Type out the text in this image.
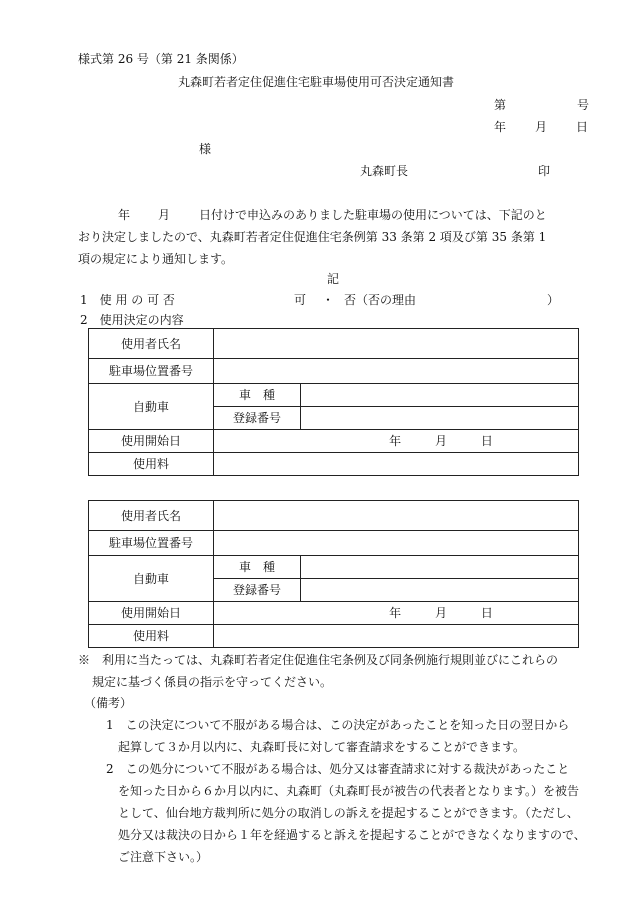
様式第 26 号（第 21 条関係）
丸森町若者定住促進住宅駐車場使用可否決定通知書
第	号
年 月 日
様
丸森町長	印
年 月 日付けで申込みのありました駐車場の使用については、下記のと
おり決定しましたので、丸森町若者定住促進住宅条例第 33 条第 2 項及び第 35 条第 1
項の規定により通知します。
記
1　使 用 の 可 否	可 ・ 否（否の理由	）
2　使用決定の内容
使用者氏名		
駐車場位置番号		
自動車	車　種	
	登録番号	
使用開始日	年 月 日	
使用料		
使用者氏名		
駐車場位置番号		
自動車	車　種	
	登録番号	
使用開始日	年 月 日	
使用料		
※　利用に当たっては、丸森町若者定住促進住宅条例及び同条例施行規則並びにこれらの
規定に基づく係員の指示を守ってください。
（備考）
1　この決定について不服がある場合は、この決定があったことを知った日の翌日から
起算して３か月以内に、丸森町長に対して審査請求をすることができます。
2　この処分について不服がある場合は、処分又は審査請求に対する裁決があったこと
を知った日から６か月以内に、丸森町（丸森町長が被告の代表者となります。）を被告
として、仙台地方裁判所に処分の取消しの訴えを提起することができます。（ただし、
処分又は裁決の日から１年を経過すると訴えを提起することができなくなりますので、
ご注意下さい。）
